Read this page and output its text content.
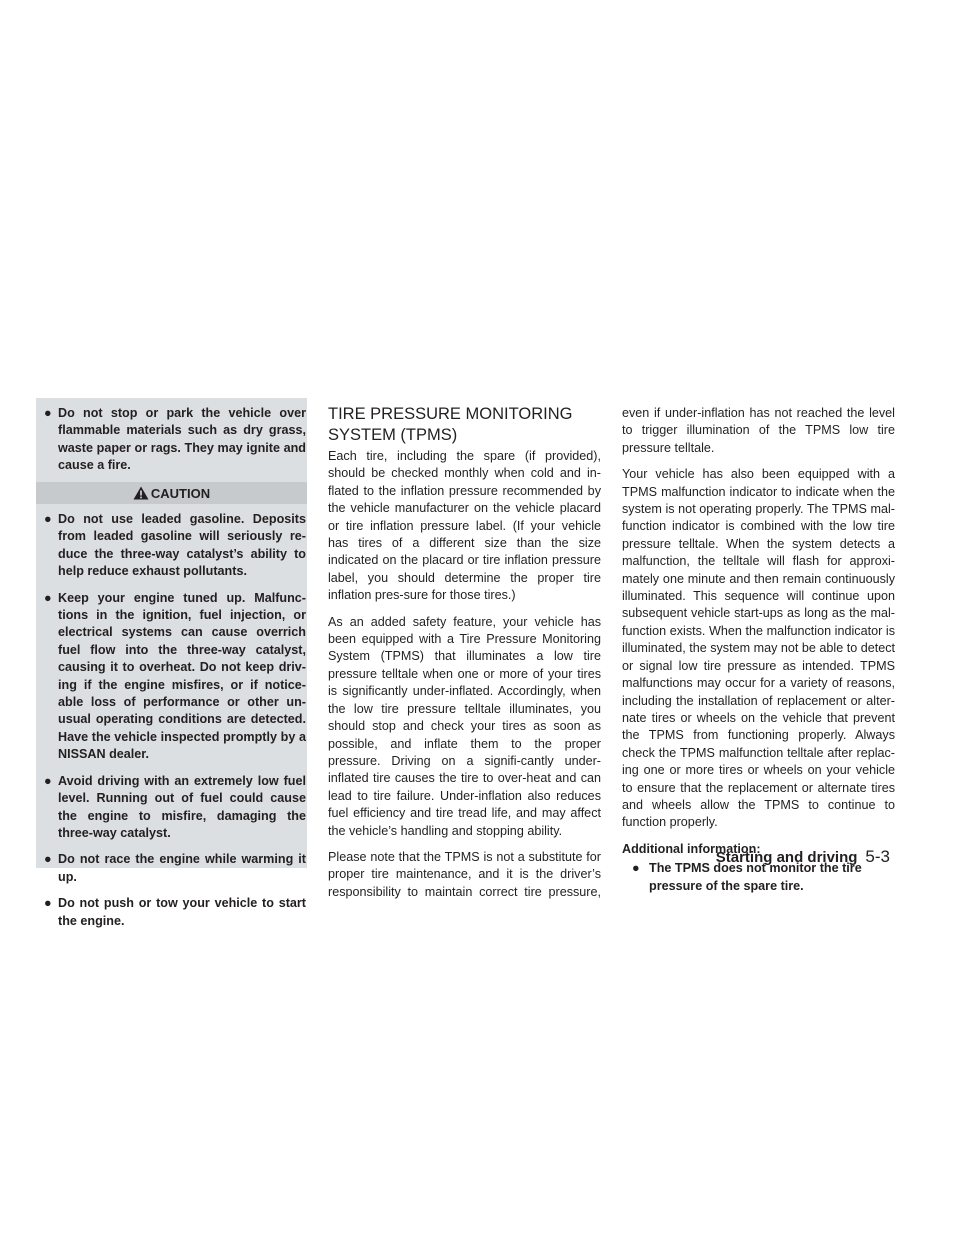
● Do not stop or park the vehicle over flammable materials such as dry grass, waste paper or rags. They may ignite and cause a fire.
CAUTION
● Do not use leaded gasoline. Deposits from leaded gasoline will seriously re-duce the three-way catalyst’s ability to help reduce exhaust pollutants.
● Keep your engine tuned up. Malfunc-tions in the ignition, fuel injection, or electrical systems can cause overrich fuel flow into the three-way catalyst, causing it to overheat. Do not keep driv-ing if the engine misfires, or if notice-able loss of performance or other un-usual operating conditions are detected. Have the vehicle inspected promptly by a NISSAN dealer.
● Avoid driving with an extremely low fuel level. Running out of fuel could cause the engine to misfire, damaging the three-way catalyst.
● Do not race the engine while warming it up.
● Do not push or tow your vehicle to start the engine.
TIRE PRESSURE MONITORING SYSTEM (TPMS)

Each tire, including the spare (if provided), should be checked monthly when cold and in-flated to the inflation pressure recommended by the vehicle manufacturer on the vehicle placard or tire inflation pressure label. (If your vehicle has tires of a different size than the size indicated on the placard or tire inflation pressure label, you should determine the proper tire inflation pres-sure for those tires.)

As an added safety feature, your vehicle has been equipped with a Tire Pressure Monitoring System (TPMS) that illuminates a low tire pressure telltale when one or more of your tires is significantly under-inflated. Accordingly, when the low tire pressure telltale illuminates, you should stop and check your tires as soon as possible, and inflate them to the proper pressure. Driving on a signifi-cantly under-inflated tire causes the tire to over-heat and can lead to tire failure. Under-inflation also reduces fuel efficiency and tire tread life, and may affect the vehicle’s handling and stopping ability.

Please note that the TPMS is not a substitute for proper tire maintenance, and it is the driver’s responsibility to maintain correct tire pressure,

even if under-inflation has not reached the level to trigger illumination of the TPMS low tire pressure telltale.

Your vehicle has also been equipped with a TPMS malfunction indicator to indicate when the system is not operating properly. The TPMS mal-function indicator is combined with the low tire pressure telltale. When the system detects a malfunction, the telltale will flash for approxi-mately one minute and then remain continuously illuminated. This sequence will continue upon subsequent vehicle start-ups as long as the mal-function exists. When the malfunction indicator is illuminated, the system may not be able to detect or signal low tire pressure as intended. TPMS malfunctions may occur for a variety of reasons, including the installation of replacement or alter-nate tires or wheels on the vehicle that prevent the TPMS from functioning properly. Always check the TPMS malfunction telltale after replac-ing one or more tires or wheels on your vehicle to ensure that the replacement or alternate tires and wheels allow the TPMS to continue to function properly.

Additional information:
● The TPMS does not monitor the tire pressure of the spare tire.
Starting and driving 5-3
